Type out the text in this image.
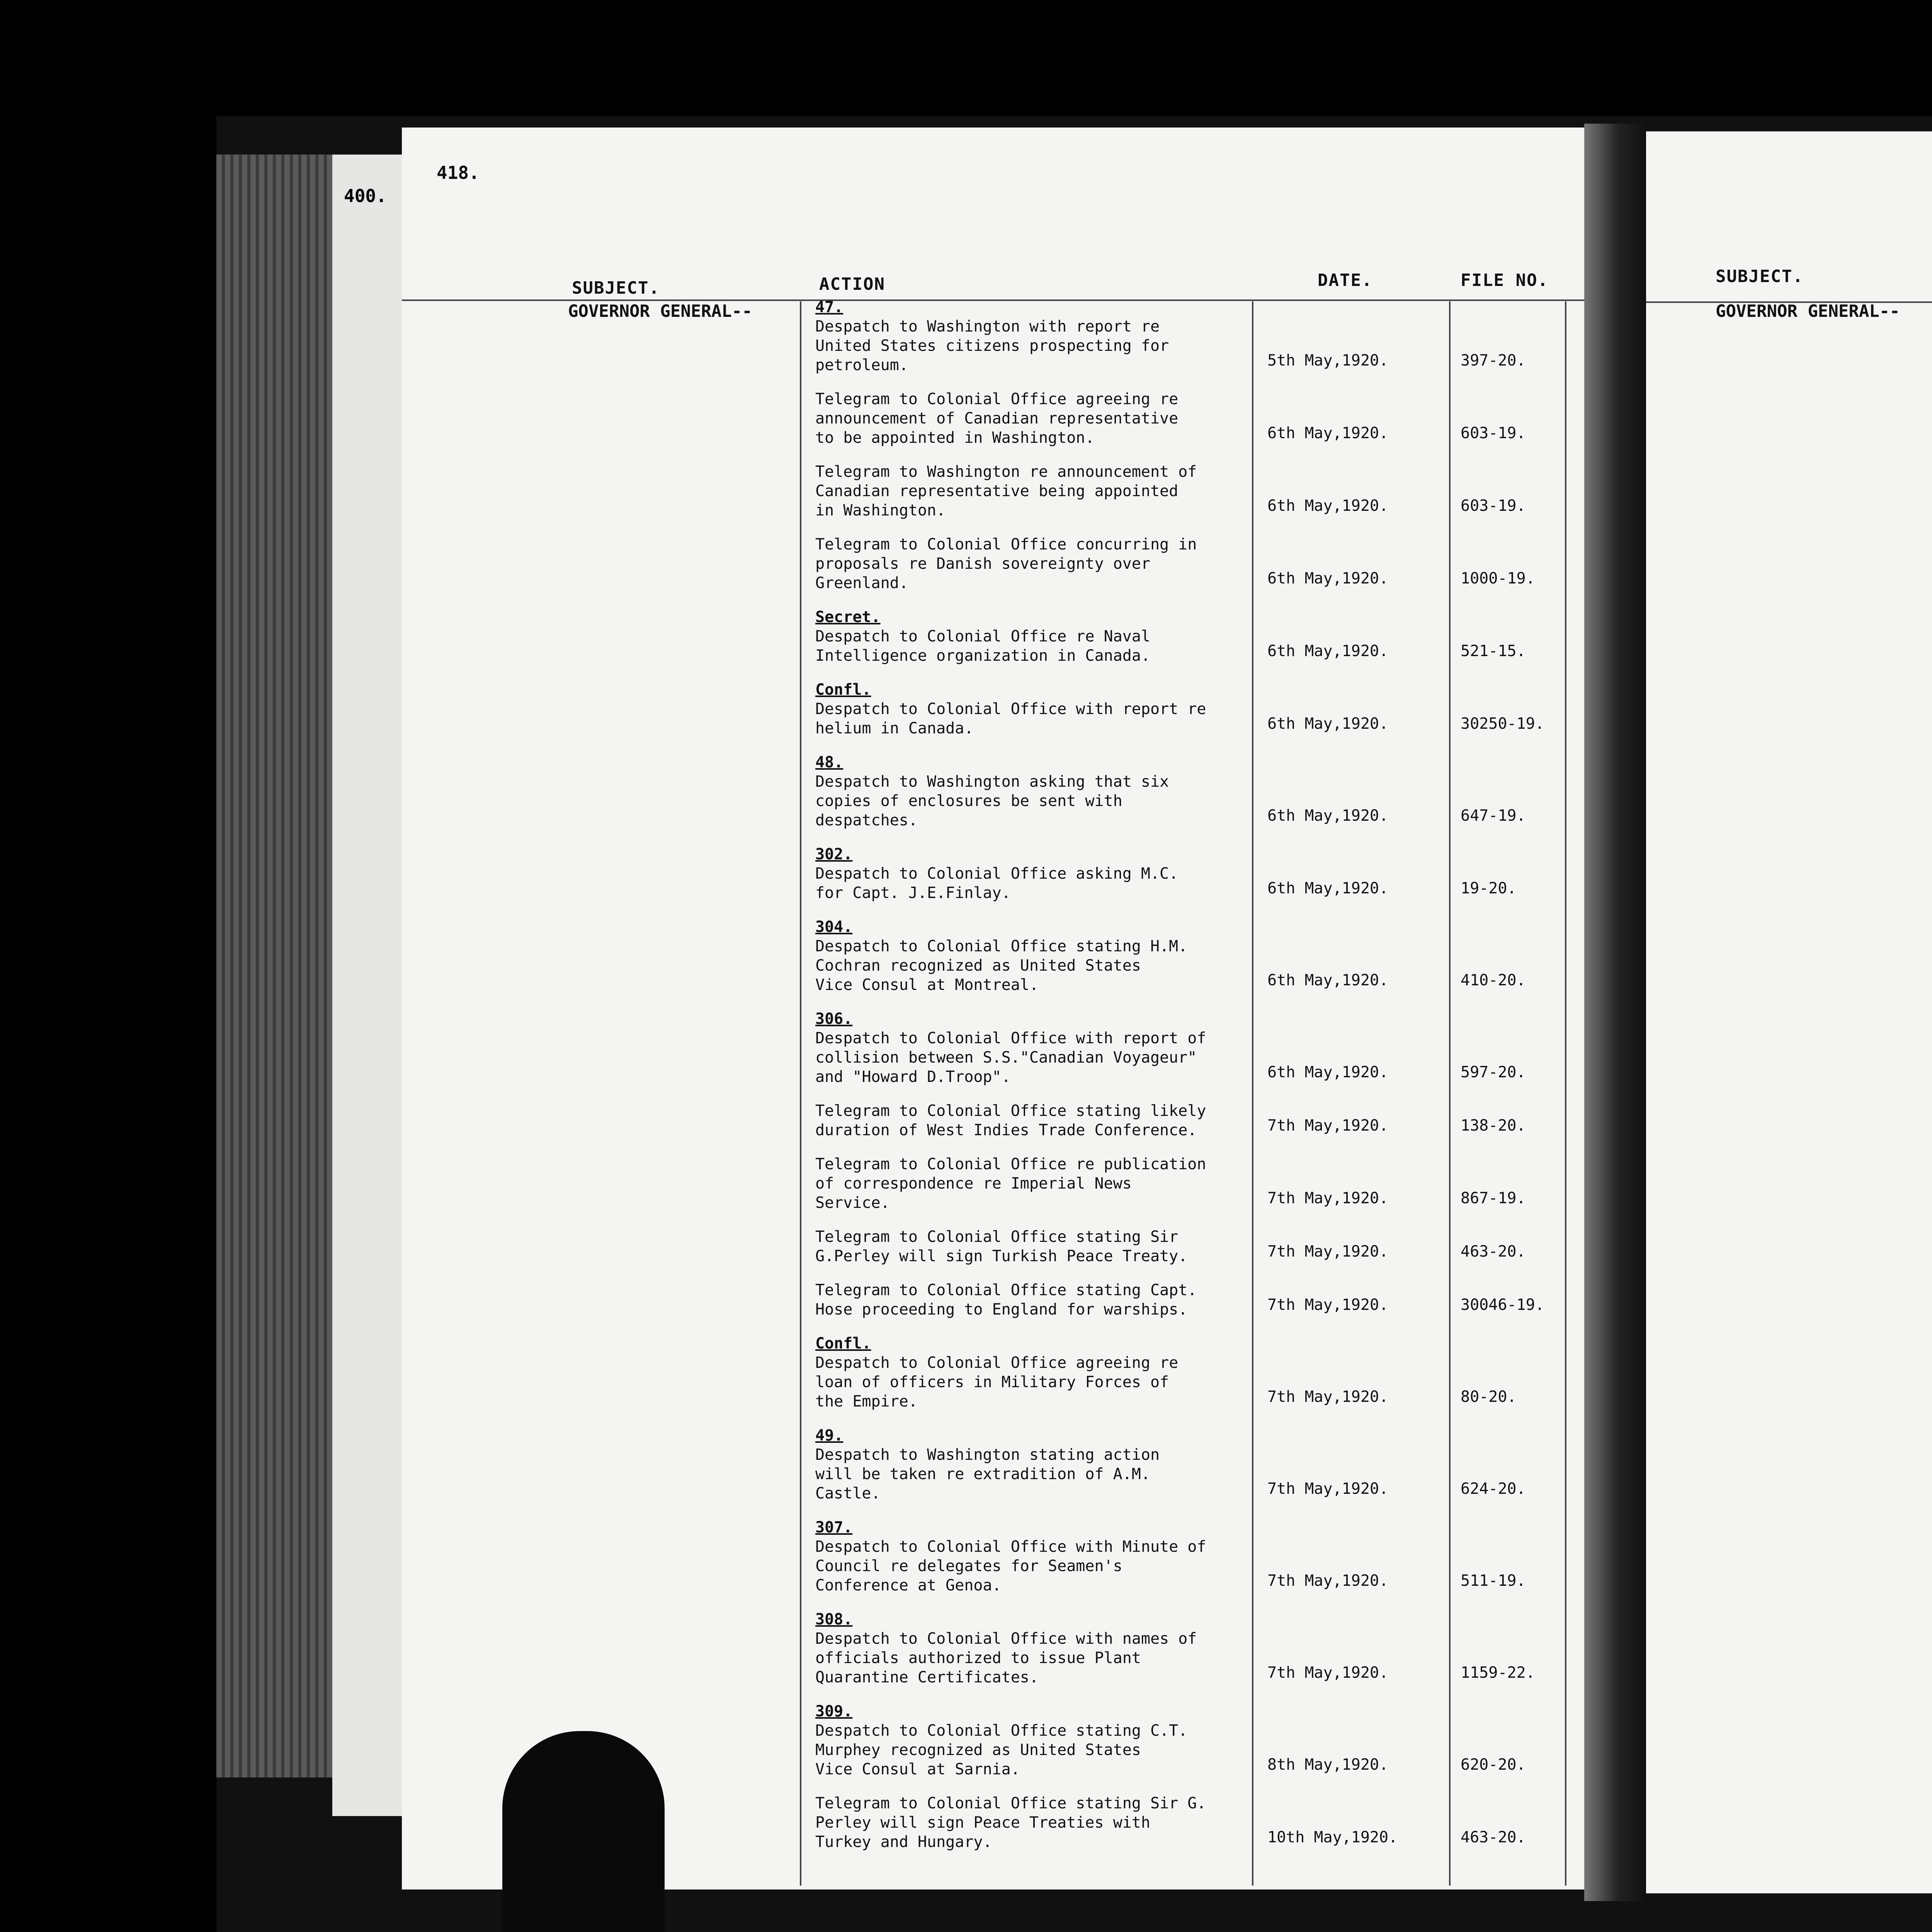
400.
418.
SUBJECT.	ACTION	DATE.	FILE NO.
GOVERNOR GENERAL--	47.
Despatch to Washington with report re
United States citizens prospecting for
petroleum.	5th May,1920.	397-20.
Telegram to Colonial Office agreeing re
announcement of Canadian representative
to be appointed in Washington.	6th May,1920.	603-19.
Telegram to Washington re announcement of
Canadian representative being appointed
in Washington.	6th May,1920.	603-19.
Telegram to Colonial Office concurring in
proposals re Danish sovereignty over
Greenland.	6th May,1920.	1000-19.
Secret.
Despatch to Colonial Office re Naval
Intelligence organization in Canada.	6th May,1920.	521-15.
Confl.
Despatch to Colonial Office with report re
helium in Canada.	6th May,1920.	30250-19.
48.
Despatch to Washington asking that six
copies of enclosures be sent with
despatches.	6th May,1920.	647-19.
302.
Despatch to Colonial Office asking M.C.
for Capt. J.E.Finlay.	6th May,1920.	19-20.
304.
Despatch to Colonial Office stating H.M.
Cochran recognized as United States
Vice Consul at Montreal.	6th May,1920.	410-20.
306.
Despatch to Colonial Office with report of
collision between S.S."Canadian Voyageur"
and "Howard D.Troop".	6th May,1920.	597-20.
Telegram to Colonial Office stating likely
duration of West Indies Trade Conference.	7th May,1920.	138-20.
Telegram to Colonial Office re publication
of correspondence re Imperial News
Service.	7th May,1920.	867-19.
Telegram to Colonial Office stating Sir
G.Perley will sign Turkish Peace Treaty.	7th May,1920.	463-20.
Telegram to Colonial Office stating Capt.
Hose proceeding to England for warships.	7th May,1920.	30046-19.
Confl.
Despatch to Colonial Office agreeing re
loan of officers in Military Forces of
the Empire.	7th May,1920.	80-20.
49.
Despatch to Washington stating action
will be taken re extradition of A.M.
Castle.	7th May,1920.	624-20.
307.
Despatch to Colonial Office with Minute of
Council re delegates for Seamen's
Conference at Genoa.	7th May,1920.	511-19.
308.
Despatch to Colonial Office with names of
officials authorized to issue Plant
Quarantine Certificates.	7th May,1920.	1159-22.
309.
Despatch to Colonial Office stating C.T.
Murphey recognized as United States
Vice Consul at Sarnia.	8th May,1920.	620-20.
Telegram to Colonial Office stating Sir G.
Perley will sign Peace Treaties with
Turkey and Hungary.	10th May,1920.	463-20.
SUBJECT.
GOVERNOR GENERAL--
